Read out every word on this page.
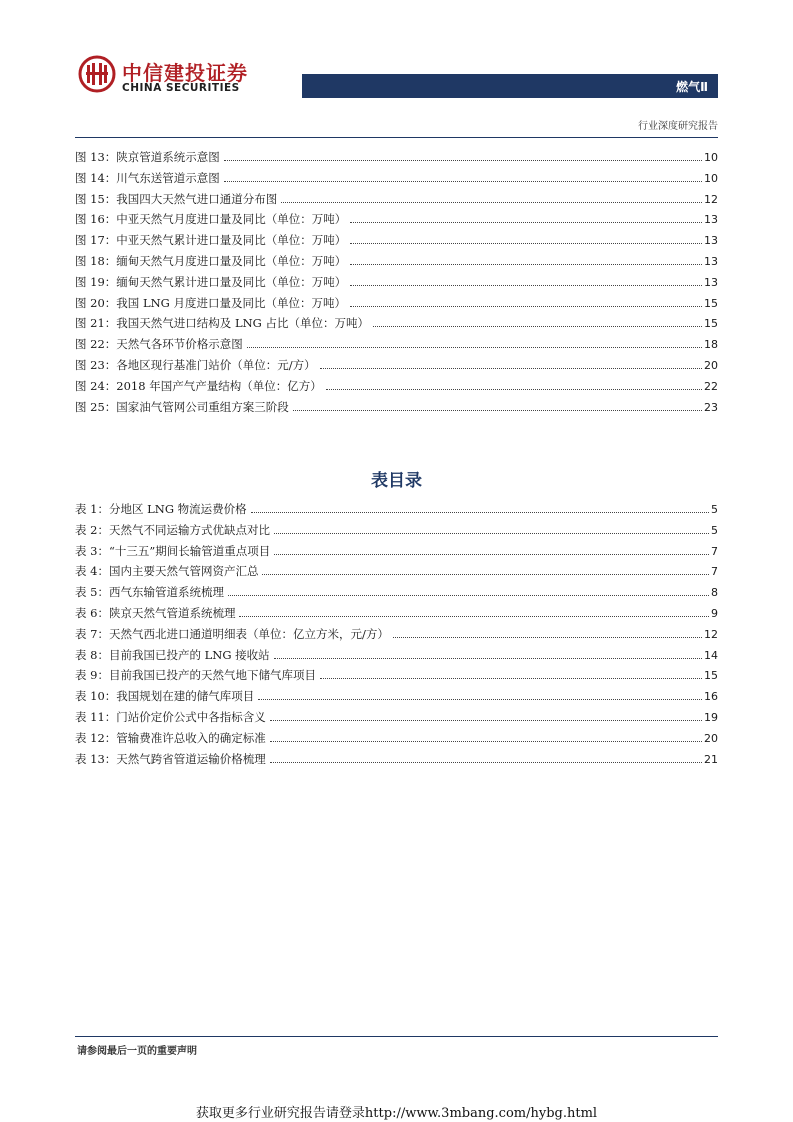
中信建投证券
CHINA SECURITIES	燃气Ⅱ
行业深度研究报告
图 13：陕京管道系统示意图	10
图 14：川气东送管道示意图	10
图 15：我国四大天然气进口通道分布图	12
图 16：中亚天然气月度进口量及同比（单位：万吨）	13
图 17：中亚天然气累计进口量及同比（单位：万吨）	13
图 18：缅甸天然气月度进口量及同比（单位：万吨）	13
图 19：缅甸天然气累计进口量及同比（单位：万吨）	13
图 20：我国 LNG 月度进口量及同比（单位：万吨）	15
图 21：我国天然气进口结构及 LNG 占比（单位：万吨）	15
图 22：天然气各环节价格示意图	18
图 23：各地区现行基准门站价（单位：元/方）	20
图 24：2018 年国产气产量结构（单位：亿方）	22
图 25：国家油气管网公司重组方案三阶段	23
表目录
表 1：分地区 LNG 物流运费价格	5
表 2：天然气不同运输方式优缺点对比	5
表 3：“十三五”期间长输管道重点项目	7
表 4：国内主要天然气管网资产汇总	7
表 5：西气东输管道系统梳理	8
表 6：陕京天然气管道系统梳理	9
表 7：天然气西北进口通道明细表（单位：亿立方米，元/方）	12
表 8：目前我国已投产的 LNG 接收站	14
表 9：目前我国已投产的天然气地下储气库项目	15
表 10：我国规划在建的储气库项目	16
表 11：门站价定价公式中各指标含义	19
表 12：管输费准许总收入的确定标准	20
表 13：天然气跨省管道运输价格梳理	21
请参阅最后一页的重要声明
获取更多行业研究报告请登录http://www.3mbang.com/hybg.html
